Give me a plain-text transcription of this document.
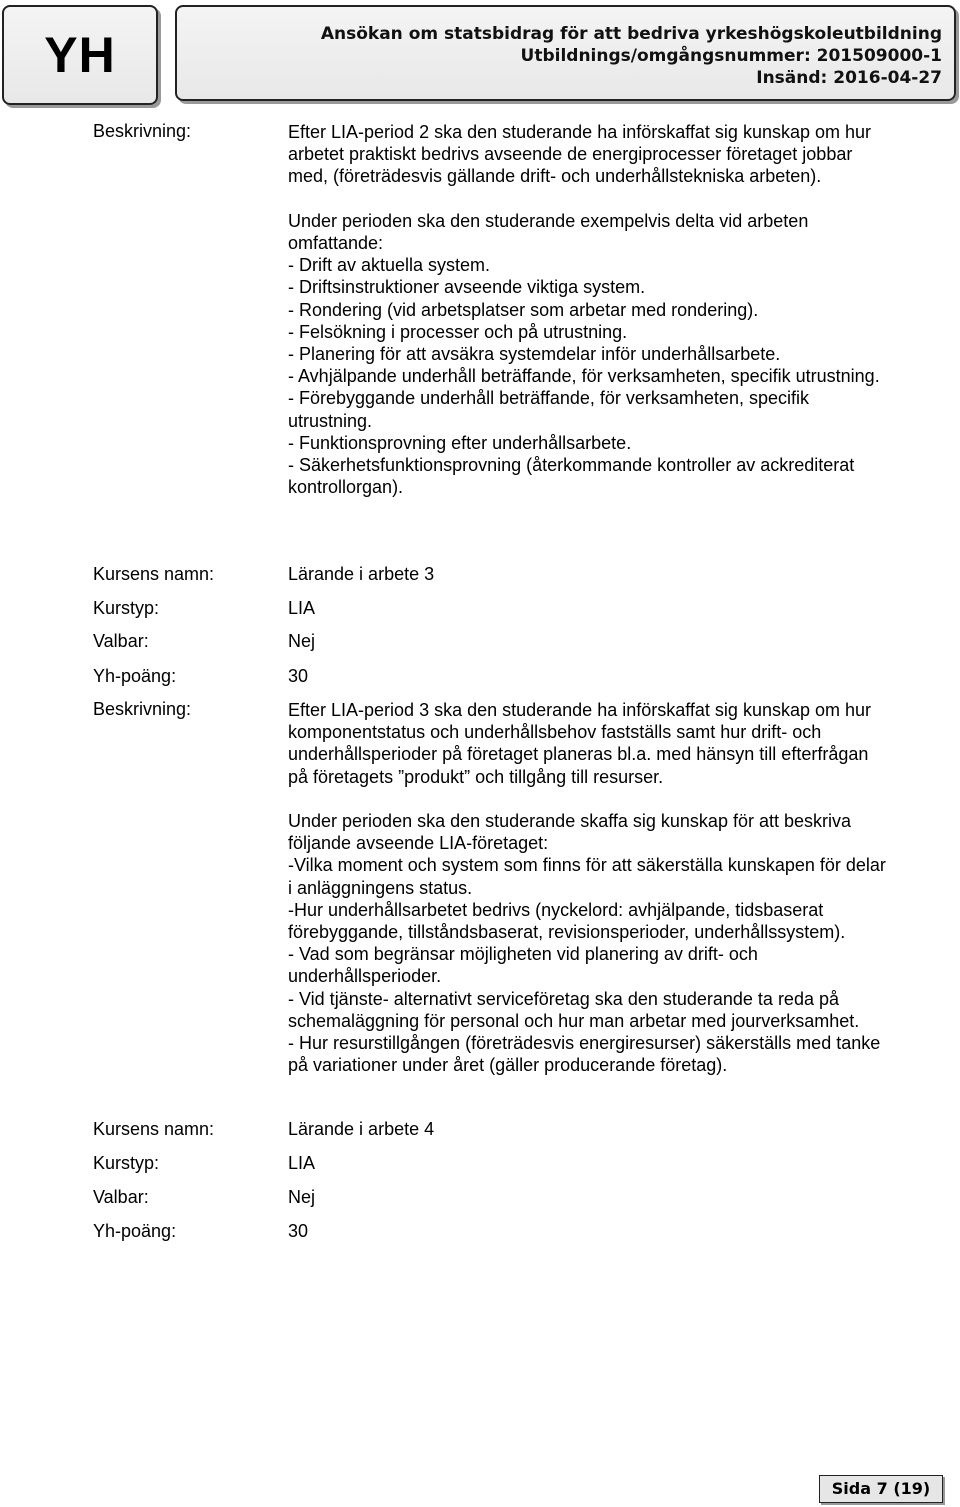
YH	Ansökan om statsbidrag för att bedriva yrkeshögskoleutbildning
Utbildnings/omgångsnummer: 201509000-1
Insänd: 2016-04-27
Beskrivning:	Efter LIA-period 2 ska den studerande ha införskaffat sig kunskap om hur
arbetet praktiskt bedrivs avseende de energiprocesser företaget jobbar
med, (företrädesvis gällande drift- och underhållstekniska arbeten).

Under perioden ska den studerande exempelvis delta vid arbeten
omfattande:
- Drift av aktuella system.
- Driftsinstruktioner avseende viktiga system.
- Rondering (vid arbetsplatser som arbetar med rondering).
- Felsökning i processer och på utrustning.
- Planering för att avsäkra systemdelar inför underhållsarbete.
- Avhjälpande underhåll beträffande, för verksamheten, specifik utrustning.
- Förebyggande underhåll beträffande, för verksamheten, specifik
utrustning.
- Funktionsprovning efter underhållsarbete.
- Säkerhetsfunktionsprovning (återkommande kontroller av ackrediterat
kontrollorgan).
Kursens namn:	Lärande i arbete 3
Kurstyp:	LIA
Valbar:	Nej
Yh-poäng:	30
Beskrivning:	Efter LIA-period 3 ska den studerande ha införskaffat sig kunskap om hur
komponentstatus och underhållsbehov fastställs samt hur drift- och
underhållsperioder på företaget planeras bl.a. med hänsyn till efterfrågan
på företagets ”produkt” och tillgång till resurser.

Under perioden ska den studerande skaffa sig kunskap för att beskriva
följande avseende LIA-företaget:
-Vilka moment och system som finns för att säkerställa kunskapen för delar
i anläggningens status.
-Hur underhållsarbetet bedrivs (nyckelord: avhjälpande, tidsbaserat
förebyggande, tillståndsbaserat, revisionsperioder, underhållssystem).
- Vad som begränsar möjligheten vid planering av drift- och
underhållsperioder.
- Vid tjänste- alternativt serviceföretag ska den studerande ta reda på
schemaläggning för personal och hur man arbetar med jourverksamhet.
- Hur resurstillgången (företrädesvis energiresurser) säkerställs med tanke
på variationer under året (gäller producerande företag).
Kursens namn:	Lärande i arbete 4
Kurstyp:	LIA
Valbar:	Nej
Yh-poäng:	30
Sida 7 (19)
